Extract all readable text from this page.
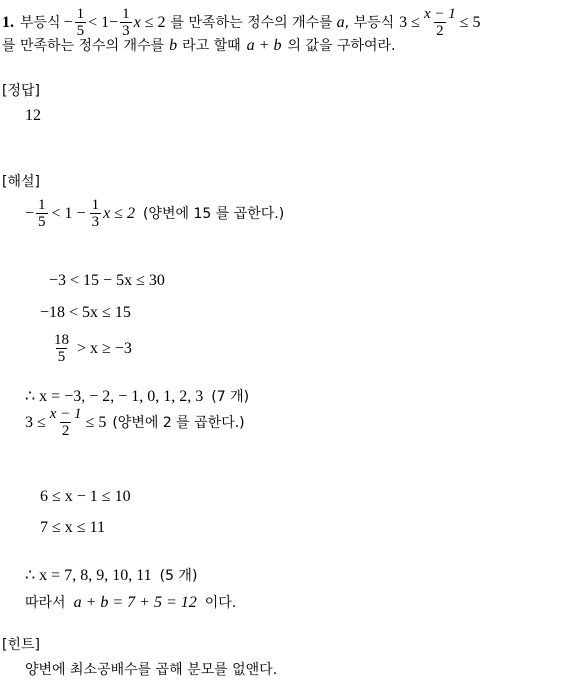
1. 부등식 − $\frac{1}{5} < 1- \frac{1}{3}$ x ≤ 2 를 만족하는 정수의 개수를 a , 부등식 $3 \le \frac{x - 1}{2} \le 5$
를 만족하는 정수의 개수를 b 라고 할때 a + b 의 값을 구하여라.
[정답]
12
[해설]
− $\frac{1}{5} < 1 - \frac{1}{3}$ x ≤ 2 (양변에 15 를 곱한다.)
−3 < 15 − 5x ≤ 30
−18 < 5x ≤ 15
$\frac{18}{5} > x \ge -3$
∴ x = −3, − 2, − 1, 0, 1, 2, 3 (7 개)
$3 \le \frac{x - 1}{2} \le 5$ (양변에 2 를 곱한다.)
6 ≤ x − 1 ≤ 10
7 ≤ x ≤ 11
∴ x = 7, 8, 9, 10, 11 (5 개)
따라서 a + b = 7 + 5 = 12 이다.
[힌트]
양변에 최소공배수를 곱해 분모를 없앤다.
